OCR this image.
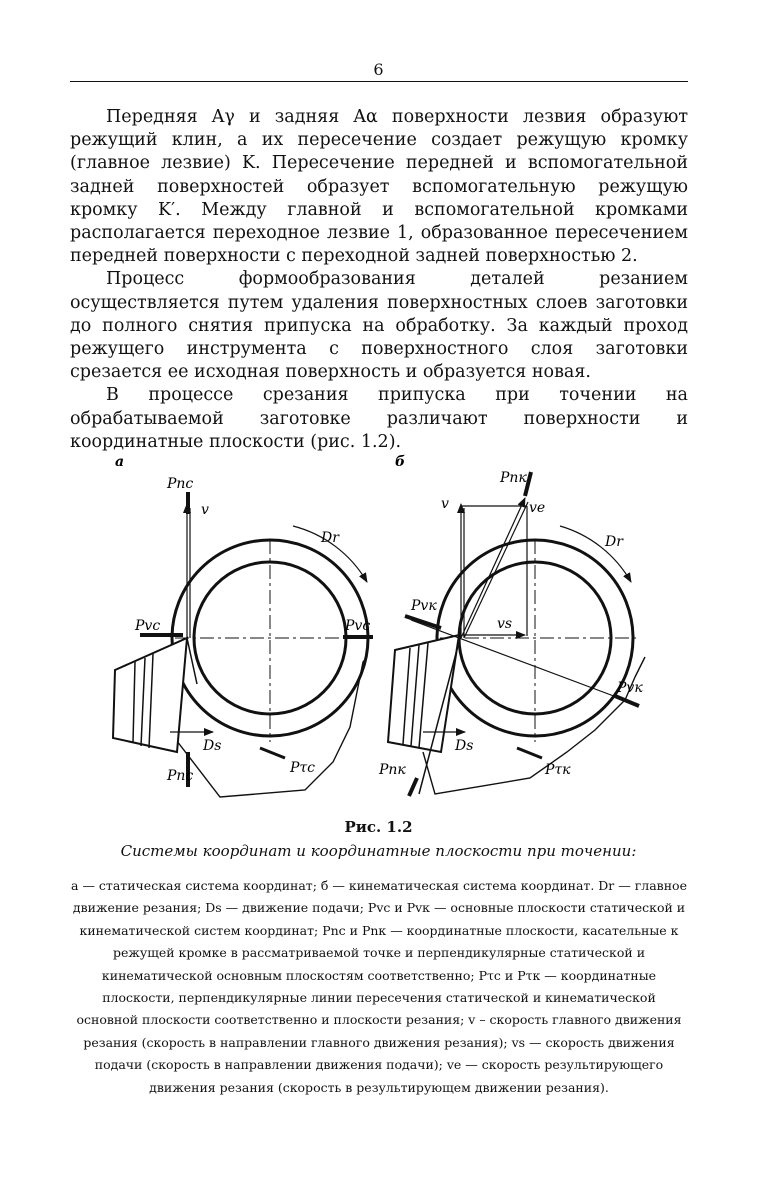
6

Передняя Aγ и задняя Aα поверхности лезвия образуют режущий клин, а их пересечение создает режущую кромку (главное лезвие) K. Пересечение передней и вспомогательной задней поверхностей образует вспомогательную режущую кромку K′. Между главной и вспомогательной кромками располагается переходное лезвие 1, образованное пересечением передней поверхности с переходной задней поверхностью 2.

Процесс формообразования деталей резанием осуществляется путем удаления поверхностных слоев заготовки до полного снятия припуска на обработку. За каждый проход режущего инструмента с поверхностного слоя заготовки срезается ее исходная поверхность и образуется новая.

В процессе срезания припуска при точении на обрабатываемой заготовке различают поверхности и координатные плоскости (рис. 1.2).

а
Pnc
v
Dr
Pvc	Pvc
Ds
Pnc	Pτc
б
Pnк
v	ve
Dr
Pvк
vs
Pvк
Ds
Pnк	Pτк
Рис. 1.2
Системы координат и координатные плоскости при точении:
а — статическая система координат; б — кинематическая система координат. Dr — главное движение резания; Ds — движение подачи; Pvc и Pvк — основные плоскости статической и кинематической систем координат; Pnc и Pnк — координатные плоскости, касательные к режущей кромке в рассматриваемой точке и перпендикулярные статической и кинематической основным плоскостям соответственно; Pτc и Pτк — координатные плоскости, перпендикулярные линии пересечения статической и кинематической основной плоскости соответственно и плоскости резания; v – скорость главного движения резания (скорость в направлении главного движения резания); vs — скорость движения подачи (скорость в направлении движения подачи); ve — скорость результирующего движения резания (скорость в результирующем движении резания).
